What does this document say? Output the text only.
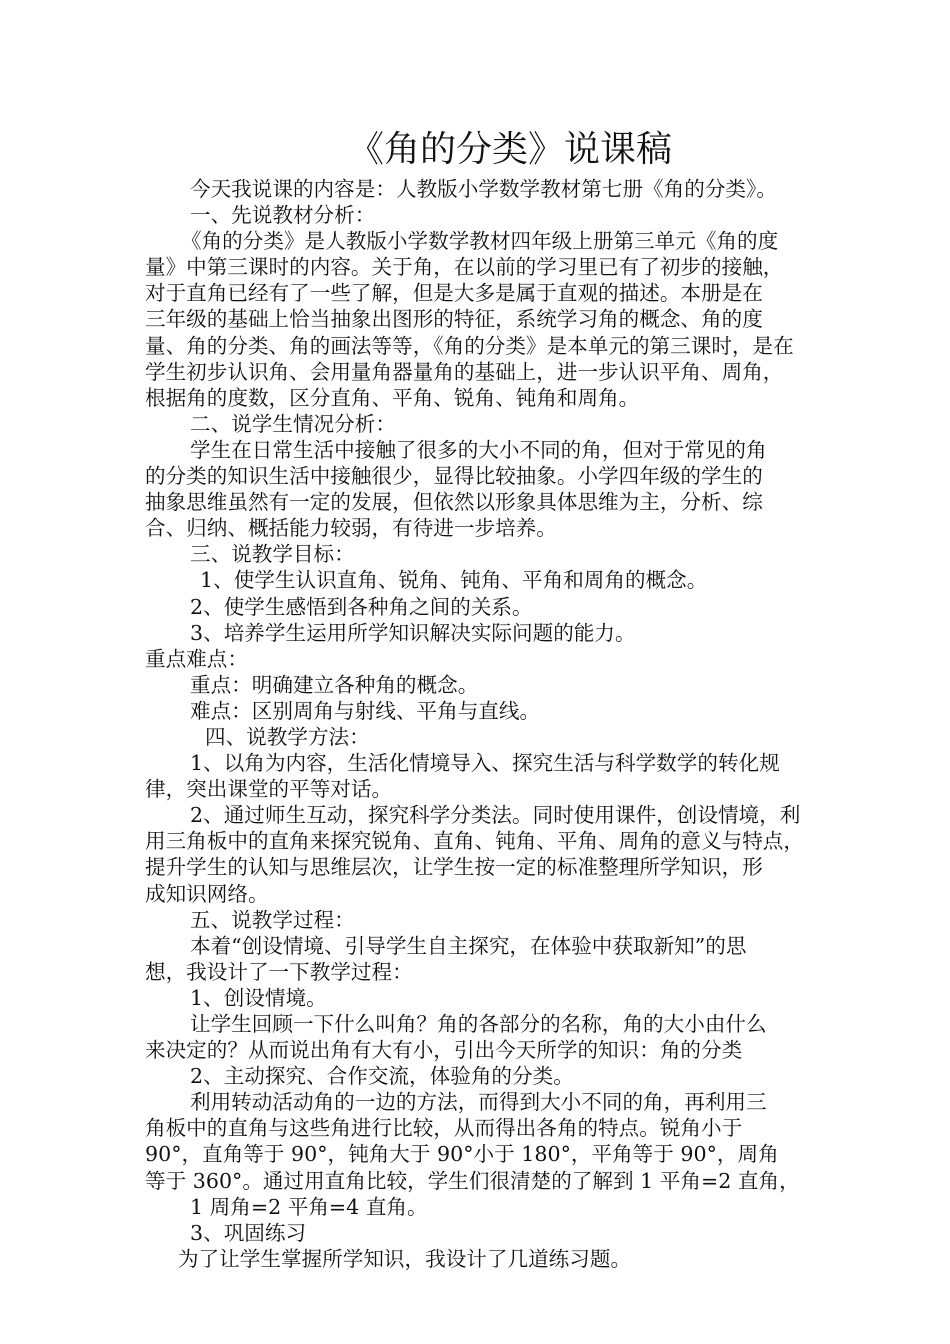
《角的分类》说课稿
今天我说课的内容是：人教版小学数学教材第七册《角的分类》。
一、先说教材分析：
《角的分类》是人教版小学数学教材四年级上册第三单元《角的度
量》中第三课时的内容。关于角，在以前的学习里已有了初步的接触，
对于直角已经有了一些了解，但是大多是属于直观的描述。本册是在
三年级的基础上恰当抽象出图形的特征，系统学习角的概念、角的度
量、角的分类、角的画法等等，《角的分类》是本单元的第三课时，是在
学生初步认识角、会用量角器量角的基础上，进一步认识平角、周角，
根据角的度数，区分直角、平角、锐角、钝角和周角。
二、说学生情况分析：
学生在日常生活中接触了很多的大小不同的角，但对于常见的角
的分类的知识生活中接触很少，显得比较抽象。小学四年级的学生的
抽象思维虽然有一定的发展，但依然以形象具体思维为主，分析、综
合、归纳、概括能力较弱，有待进一步培养。
三、说教学目标：
1、使学生认识直角、锐角、钝角、平角和周角的概念。
2、使学生感悟到各种角之间的关系。
3、培养学生运用所学知识解决实际问题的能力。
重点难点：
重点：明确建立各种角的概念。
难点：区别周角与射线、平角与直线。
四、说教学方法：
1、以角为内容，生活化情境导入、探究生活与科学数学的转化规
律，突出课堂的平等对话。
2、通过师生互动，探究科学分类法。同时使用课件，创设情境，利
用三角板中的直角来探究锐角、直角、钝角、平角、周角的意义与特点，
提升学生的认知与思维层次，让学生按一定的标准整理所学知识，形
成知识网络。
五、说教学过程：
本着“创设情境、引导学生自主探究，在体验中获取新知”的思
想，我设计了一下教学过程：
1、创设情境。
让学生回顾一下什么叫角？角的各部分的名称，角的大小由什么
来决定的？从而说出角有大有小，引出今天所学的知识：角的分类
2、主动探究、合作交流，体验角的分类。
利用转动活动角的一边的方法，而得到大小不同的角，再利用三
角板中的直角与这些角进行比较，从而得出各角的特点。锐角小于
90°，直角等于 90°，钝角大于 90°小于 180°，平角等于 90°，周角
等于 360°。通过用直角比较，学生们很清楚的了解到 1 平角=2 直角，
1 周角=2 平角=4 直角。
3、巩固练习
为了让学生掌握所学知识，我设计了几道练习题。
